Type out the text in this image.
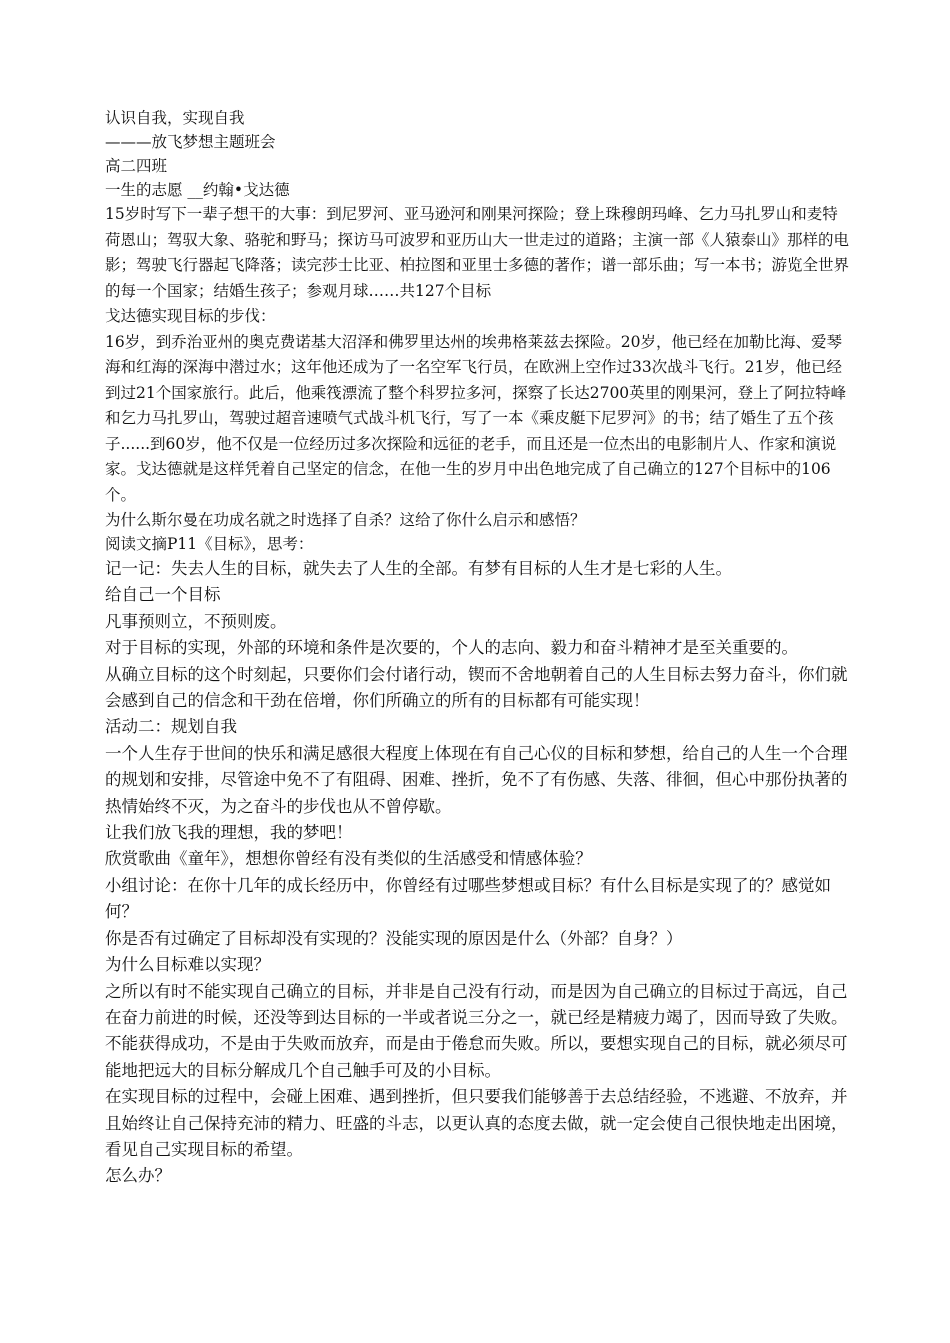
认识自我，实现自我

———放飞梦想主题班会

高二四班

一生的志愿 __约翰•戈达德

15岁时写下一辈子想干的大事：到尼罗河、亚马逊河和刚果河探险；登上珠穆朗玛峰、乞力马扎罗山和麦特荷恩山；驾驭大象、骆驼和野马；探访马可波罗和亚历山大一世走过的道路；主演一部《人猿泰山》那样的电影；驾驶飞行器起飞降落；读完莎士比亚、柏拉图和亚里士多德的著作；谱一部乐曲；写一本书；游览全世界的每一个国家；结婚生孩子；参观月球……共127个目标

戈达德实现目标的步伐：

16岁，到乔治亚州的奥克费诺基大沼泽和佛罗里达州的埃弗格莱兹去探险。20岁，他已经在加勒比海、爱琴海和红海的深海中潜过水；这年他还成为了一名空军飞行员，在欧洲上空作过33次战斗飞行。21岁，他已经到过21个国家旅行。此后，他乘筏漂流了整个科罗拉多河，探察了长达2700英里的刚果河，登上了阿拉特峰和乞力马扎罗山，驾驶过超音速喷气式战斗机飞行，写了一本《乘皮艇下尼罗河》的书；结了婚生了五个孩子......到60岁，他不仅是一位经历过多次探险和远征的老手，而且还是一位杰出的电影制片人、作家和演说家。戈达德就是这样凭着自己坚定的信念，在他一生的岁月中出色地完成了自己确立的127个目标中的106个。

为什么斯尔曼在功成名就之时选择了自杀？这给了你什么启示和感悟？

阅读文摘P11《目标》，思考：

记一记：失去人生的目标，就失去了人生的全部。有梦有目标的人生才是七彩的人生。

给自己一个目标

凡事预则立，不预则废。

对于目标的实现，外部的环境和条件是次要的，个人的志向、毅力和奋斗精神才是至关重要的。

从确立目标的这个时刻起，只要你们会付诸行动，锲而不舍地朝着自己的人生目标去努力奋斗，你们就会感到自己的信念和干劲在倍增，你们所确立的所有的目标都有可能实现！

活动二：规划自我

一个人生存于世间的快乐和满足感很大程度上体现在有自己心仪的目标和梦想，给自己的人生一个合理的规划和安排，尽管途中免不了有阻碍、困难、挫折，免不了有伤感、失落、徘徊，但心中那份执著的热情始终不灭，为之奋斗的步伐也从不曾停歇。

让我们放飞我的理想，我的梦吧！

欣赏歌曲《童年》，想想你曾经有没有类似的生活感受和情感体验？

小组讨论：在你十几年的成长经历中，你曾经有过哪些梦想或目标？有什么目标是实现了的？感觉如何？

你是否有过确定了目标却没有实现的？没能实现的原因是什么（外部？自身？）

为什么目标难以实现？

之所以有时不能实现自己确立的目标，并非是自己没有行动，而是因为自己确立的目标过于高远，自己在奋力前进的时候，还没等到达目标的一半或者说三分之一，就已经是精疲力竭了，因而导致了失败。

不能获得成功，不是由于失败而放弃，而是由于倦怠而失败。所以，要想实现自己的目标，就必须尽可能地把远大的目标分解成几个自己触手可及的小目标。

在实现目标的过程中，会碰上困难、遇到挫折，但只要我们能够善于去总结经验，不逃避、不放弃，并且始终让自己保持充沛的精力、旺盛的斗志，以更认真的态度去做，就一定会使自己很快地走出困境，看见自己实现目标的希望。

怎么办？
